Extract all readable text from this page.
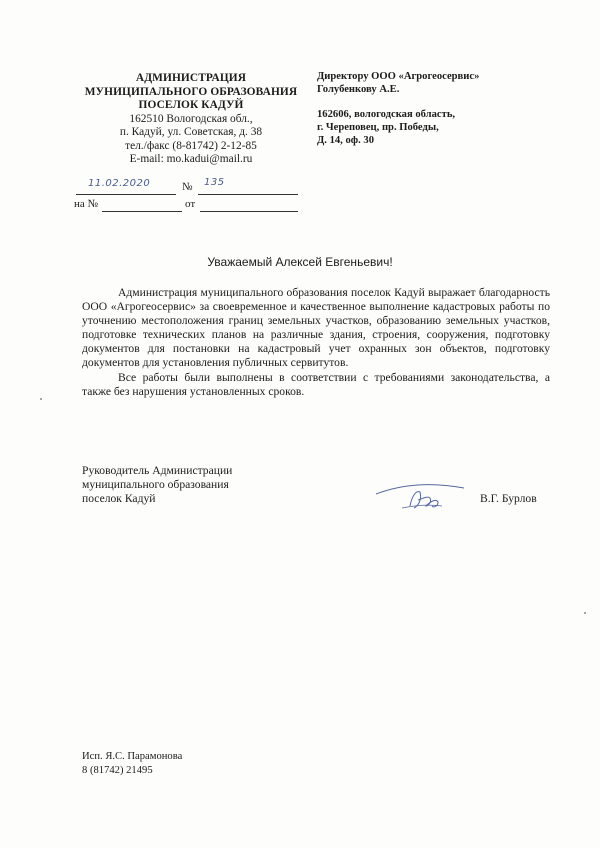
АДМИНИСТРАЦИЯ
МУНИЦИПАЛЬНОГО ОБРАЗОВАНИЯ
ПОСЕЛОК КАДУЙ
162510 Вологодская обл.,
п. Кадуй, ул. Советская, д. 38
тел./факс (8-81742) 2-12-85
E-mail: mo.kadui@mail.ru
11.02.2020	№ 135
на №	от
Директору ООО «Агрогеосервис»
Голубенкову А.Е.
162606, вологодская область,
г. Череповец, пр. Победы,
Д. 14, оф. 30
Уважаемый Алексей Евгеньевич!

Администрация муниципального образования поселок Кадуй выражает благодарность ООО «Агрогеосервис» за своевременное и качественное выполнение кадастровых работы по уточнению местоположения границ земельных участков, образованию земельных участков, подготовке технических планов на различные здания, строения, сооружения, подготовку документов для постановки на кадастровый учет охранных зон объектов, подготовку документов для установления публичных сервитутов.

Все работы были выполнены в соответствии с требованиями законодательства, а также без нарушения установленных сроков.

Руководитель Администрации
муниципального образования
поселок Кадуй	В.Г. Бурлов
Исп. Я.С. Парамонова
8 (81742) 21495
